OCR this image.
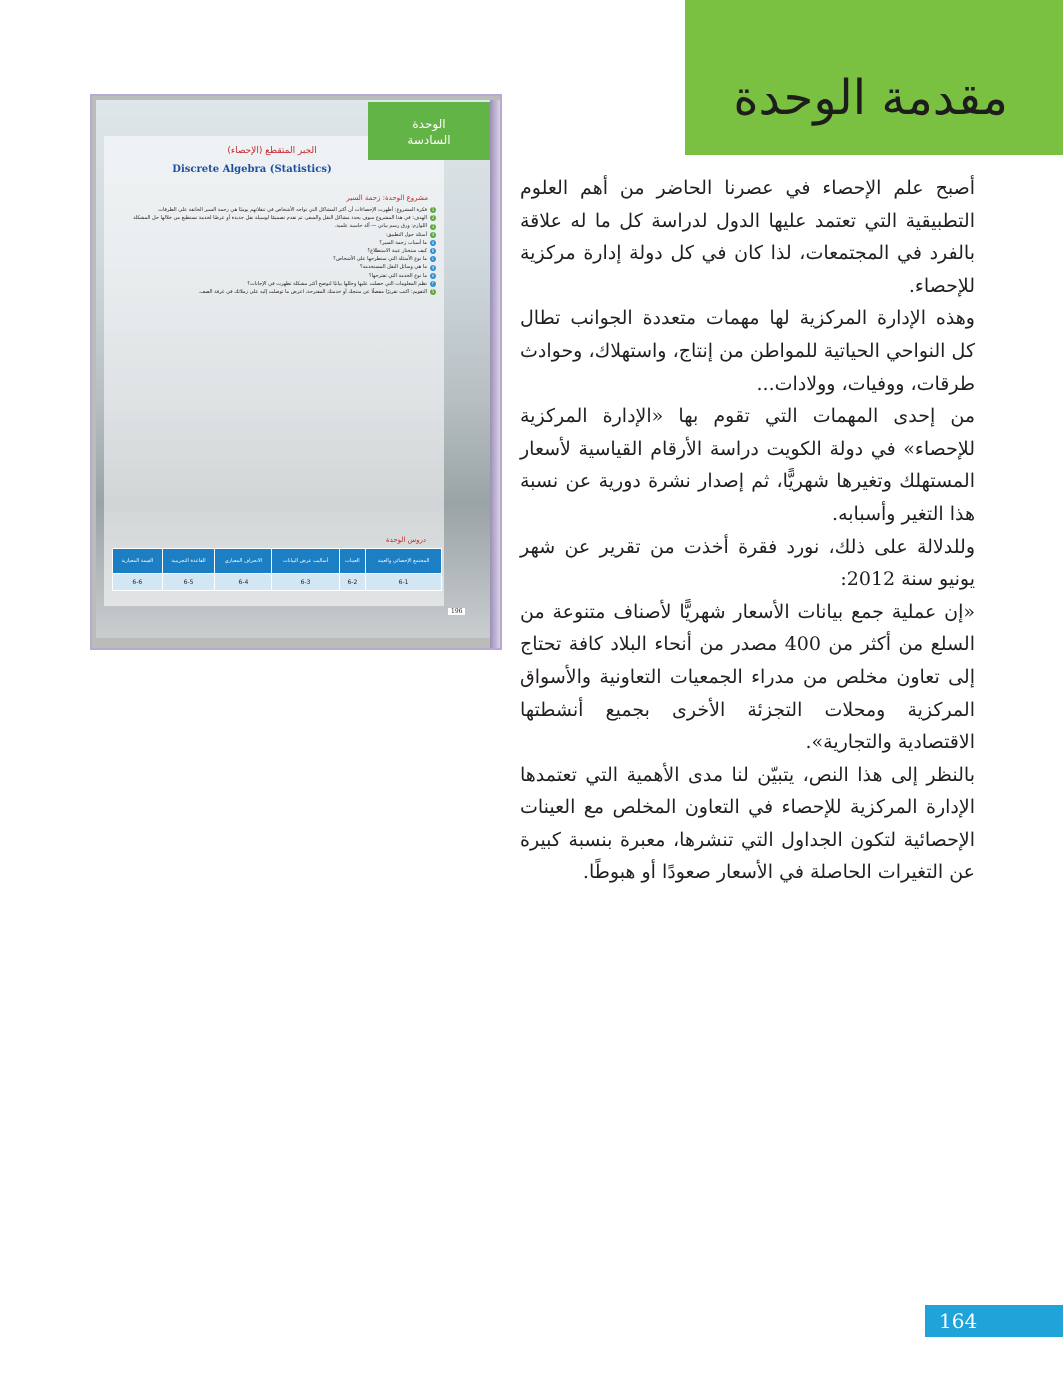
مقدمة الوحدة
الوحدة
السادسة
الجبر المتقطع (الإحصاء)
Discrete Algebra (Statistics)
مشروع الوحدة: زحمة السير
1
فكرة المشروع: أظهرت الإحصاءات أن أكثر المشاكل التي تواجه الأشخاص في تنقلاتهم يوميًا هي زحمة السير الخانقة على الطرقات
2
الهدف: في هذا المشروع سوف يحدد مشاكل النقل والسفر، ثم تقدم تصميمًا لوسيلة نقل جديدة أو عرضًا لخدمة تستطيع من خلالها حل المشكلة
3
اللوازم: ورق رسم بياني — آلة حاسبة علمية.
4
أسئلة حول التطبيق:
a
ما أسباب زحمة السير؟
b
كيف ستختار عينة الاستطلاع؟
c
ما نوع الأسئلة التي ستطرحها على الأشخاص؟
d
ما هي وسائل النقل المستخدمة؟
e
ما نوع الخدمة التي تقترحها؟
f
نظم المعلومات التي حصلت عليها وحللها بيانيًا لتوضح أكثر مشكلة تظهرت في الإجابات؟
5
التقويم: اكتب تقريرًا مفصلًا عن منتجك أو خدمتك المقترحة، اعرض ما توصلت إليه على زملائك في غرفة الصف.
دروس الوحدة
المجتمع الإحصائي والعينة	العينات	أساليب عرض البيانات	الانحراف المعياري	القاعدة التجريبية	القيمة المعيارية
6-1	6-2	6-3	6-4	6-5	6-6
196

أصبح علم الإحصاء في عصرنا الحاضر من أهم العلوم التطبيقية التي تعتمد عليها الدول لدراسة كل ما له علاقة بالفرد في المجتمعات، لذا كان في كل دولة إدارة مركزية للإحصاء.

وهذه الإدارة المركزية لها مهمات متعددة الجوانب تطال كل النواحي الحياتية للمواطن من إنتاج، واستهلاك، وحوادث طرقات، ووفيات، وولادات...

من إحدى المهمات التي تقوم بها «الإدارة المركزية للإحصاء» في دولة الكويت دراسة الأرقام القياسية لأسعار المستهلك وتغيرها شهريًّا، ثم إصدار نشرة دورية عن نسبة هذا التغير وأسبابه.

وللدلالة على ذلك، نورد فقرة أخذت من تقرير عن شهر يونيو سنة 2012:

«إن عملية جمع بيانات الأسعار شهريًّا لأصناف متنوعة من السلع من أكثر من 400 مصدر من أنحاء البلاد كافة تحتاج إلى تعاون مخلص من مدراء الجمعيات التعاونية والأسواق المركزية ومحلات التجزئة الأخرى بجميع أنشطتها الاقتصادية والتجارية».

بالنظر إلى هذا النص، يتبيّن لنا مدى الأهمية التي تعتمدها الإدارة المركزية للإحصاء في التعاون المخلص مع العينات الإحصائية لتكون الجداول التي تنشرها، معبرة بنسبة كبيرة عن التغيرات الحاصلة في الأسعار صعودًا أو هبوطًا.

164
